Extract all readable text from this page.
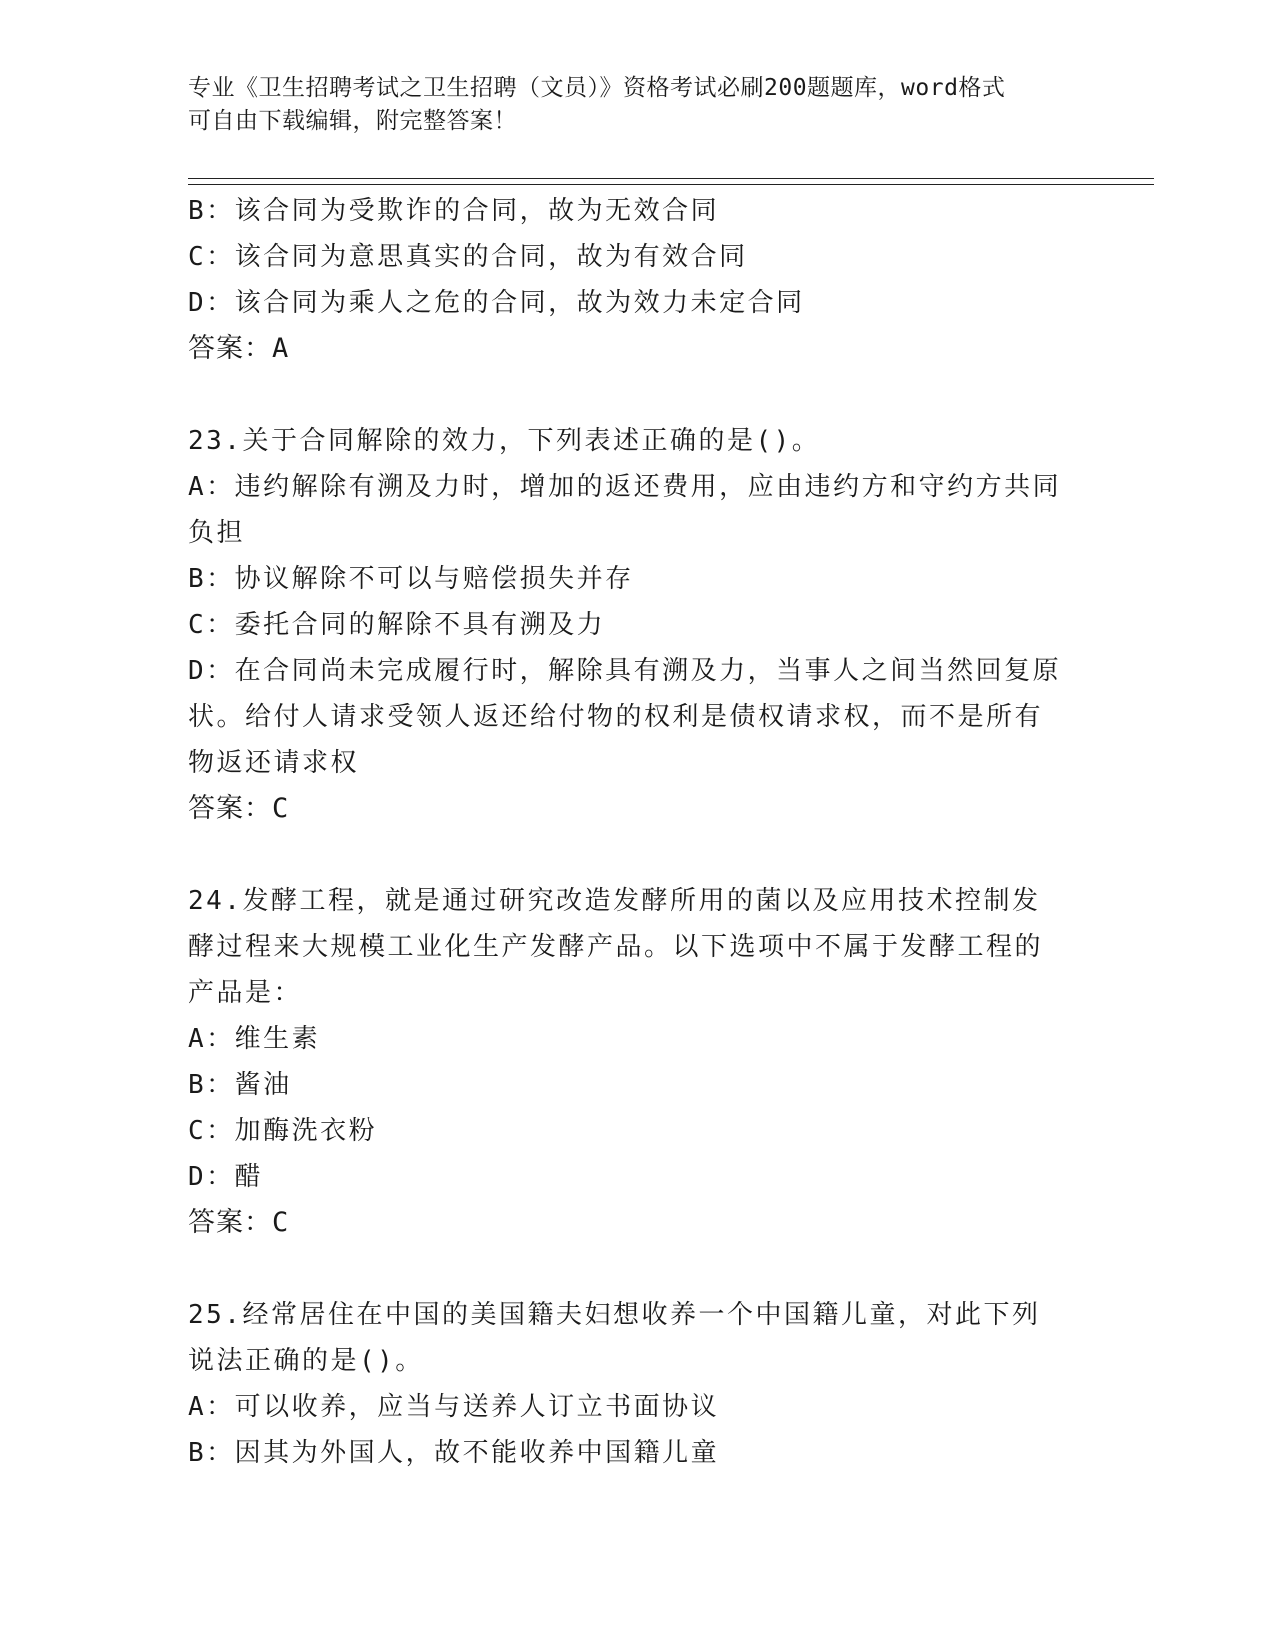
专业《卫生招聘考试之卫生招聘（文员）》资格考试必刷200题题库，word格式
可自由下载编辑，附完整答案！

B：该合同为受欺诈的合同，故为无效合同

C：该合同为意思真实的合同，故为有效合同

D：该合同为乘人之危的合同，故为效力未定合同

答案：A

23.关于合同解除的效力，下列表述正确的是()。

A：违约解除有溯及力时，增加的返还费用，应由违约方和守约方共同负担

B：协议解除不可以与赔偿损失并存

C：委托合同的解除不具有溯及力

D：在合同尚未完成履行时，解除具有溯及力，当事人之间当然回复原状。给付人请求受领人返还给付物的权利是债权请求权，而不是所有物返还请求权

答案：C

24.发酵工程，就是通过研究改造发酵所用的菌以及应用技术控制发酵过程来大规模工业化生产发酵产品。以下选项中不属于发酵工程的产品是：

A：维生素

B：酱油

C：加酶洗衣粉

D：醋

答案：C

25.经常居住在中国的美国籍夫妇想收养一个中国籍儿童，对此下列说法正确的是()。

A：可以收养，应当与送养人订立书面协议

B：因其为外国人，故不能收养中国籍儿童
